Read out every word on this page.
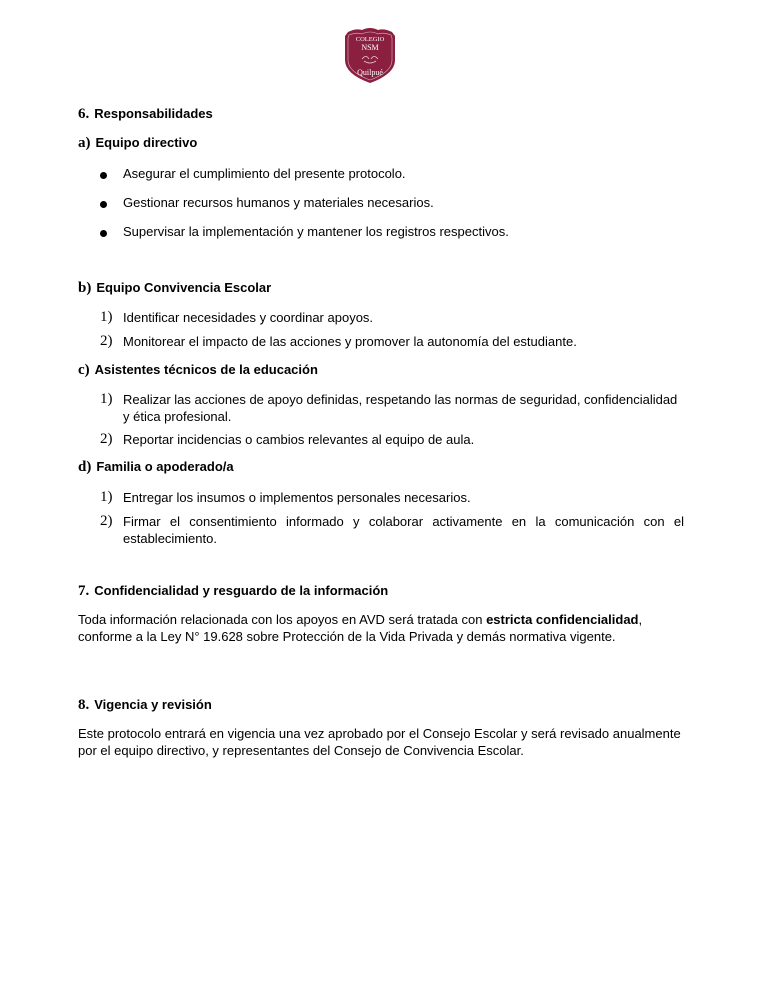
COLEGIO
NSM
Quilpué
6. Responsabilidades
a) Equipo directivo
Asegurar el cumplimiento del presente protocolo.
Gestionar recursos humanos y materiales necesarios.
Supervisar la implementación y mantener los registros respectivos.
b) Equipo Convivencia Escolar
1) Identificar necesidades y coordinar apoyos.
2) Monitorear el impacto de las acciones y promover la autonomía del estudiante.
c) Asistentes técnicos de la educación
1) Realizar las acciones de apoyo definidas, respetando las normas de seguridad, confidencialidad y ética profesional.
2) Reportar incidencias o cambios relevantes al equipo de aula.
d) Familia o apoderado/a
1) Entregar los insumos o implementos personales necesarios.
2) Firmar el consentimiento informado y colaborar activamente en la comunicación con el establecimiento.
7. Confidencialidad y resguardo de la información
Toda información relacionada con los apoyos en AVD será tratada con estricta confidencialidad, conforme a la Ley N° 19.628 sobre Protección de la Vida Privada y demás normativa vigente.
8. Vigencia y revisión
Este protocolo entrará en vigencia una vez aprobado por el Consejo Escolar y será revisado anualmente por el equipo directivo, y representantes del Consejo de Convivencia Escolar.
